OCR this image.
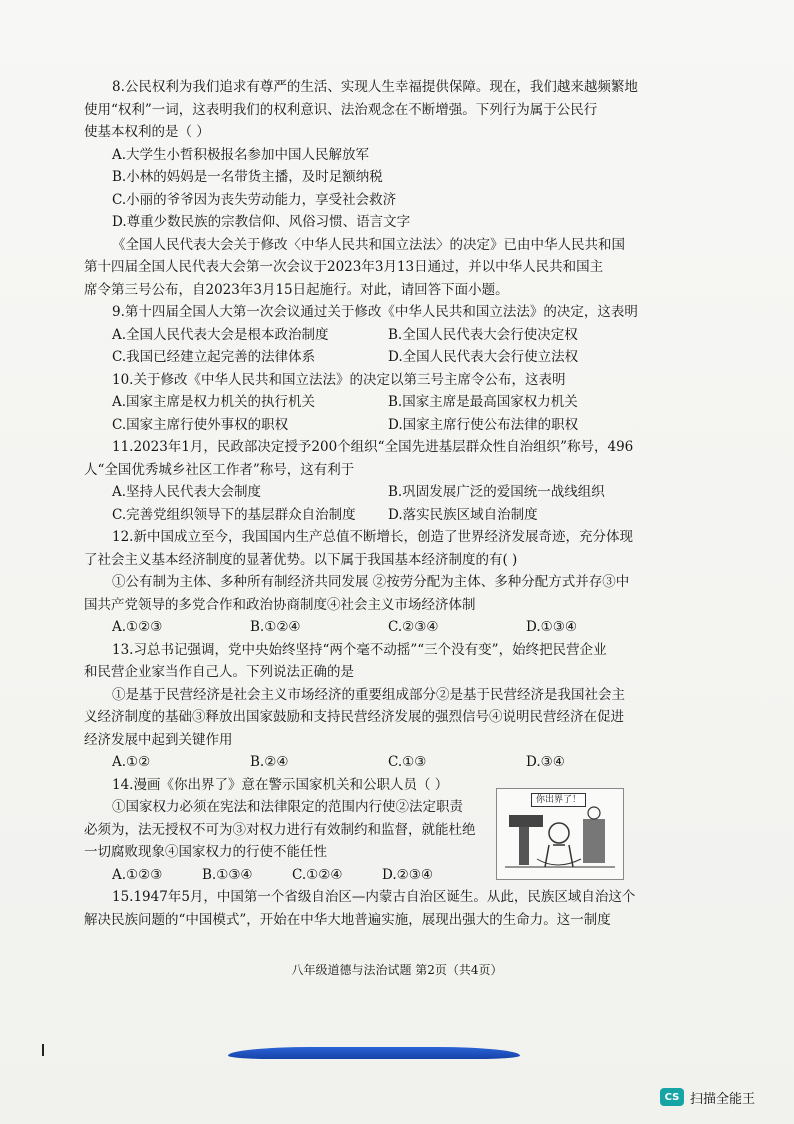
8.公民权利为我们追求有尊严的生活、实现人生幸福提供保障。现在，我们越来越频繁地
使用“权利”一词，这表明我们的权利意识、法治观念在不断增强。下列行为属于公民行
使基本权利的是（ ）
A.大学生小哲积极报名参加中国人民解放军
B.小林的妈妈是一名带货主播，及时足额纳税
C.小丽的爷爷因为丧失劳动能力，享受社会救济
D.尊重少数民族的宗教信仰、风俗习惯、语言文字
《全国人民代表大会关于修改〈中华人民共和国立法法〉的决定》已由中华人民共和国
第十四届全国人民代表大会第一次会议于2023年3月13日通过，并以中华人民共和国主
席令第三号公布，自2023年3月15日起施行。对此，请回答下面小题。
9.第十四届全国人大第一次会议通过关于修改《中华人民共和国立法法》的决定，这表明
A.全国人民代表大会是根本政治制度	B.全国人民代表大会行使决定权
C.我国已经建立起完善的法律体系	D.全国人民代表大会行使立法权
10.关于修改《中华人民共和国立法法》的决定以第三号主席令公布，这表明
A.国家主席是权力机关的执行机关	B.国家主席是最高国家权力机关
C.国家主席行使外事权的职权	D.国家主席行使公布法律的职权
11.2023年1月，民政部决定授予200个组织“全国先进基层群众性自治组织”称号，496
人“全国优秀城乡社区工作者”称号，这有利于
A.坚持人民代表大会制度	B.巩固发展广泛的爱国统一战线组织
C.完善党组织领导下的基层群众自治制度	D.落实民族区域自治制度
12.新中国成立至今，我国国内生产总值不断增长，创造了世界经济发展奇迹，充分体现
了社会主义基本经济制度的显著优势。以下属于我国基本经济制度的有( )
①公有制为主体、多种所有制经济共同发展 ②按劳分配为主体、多种分配方式并存③中
国共产党领导的多党合作和政治协商制度④社会主义市场经济体制
A.①②③	B.①②④	C.②③④	D.①③④
13.习总书记强调，党中央始终坚持“两个毫不动摇”“三个没有变”，始终把民营企业
和民营企业家当作自己人。下列说法正确的是
①是基于民营经济是社会主义市场经济的重要组成部分②是基于民营经济是我国社会主
义经济制度的基础③释放出国家鼓励和支持民营经济发展的强烈信号④说明民营经济在促进
经济发展中起到关键作用
A.①②	B.②④	C.①③	D.③④
14.漫画《你出界了》意在警示国家机关和公职人员（ ）
①国家权力必须在宪法和法律限定的范围内行使②法定职责
必须为，法无授权不可为③对权力进行有效制约和监督，就能杜绝
一切腐败现象④国家权力的行使不能任性
A.①②③	B.①③④	C.①②④	D.②③④
15.1947年5月，中国第一个省级自治区—内蒙古自治区诞生。从此，民族区域自治这个
解决民族问题的“中国模式”，开始在中华大地普遍实施，展现出强大的生命力。这一制度
你出界了！
八年级道德与法治试题 第2页（共4页）
CS 扫描全能王
